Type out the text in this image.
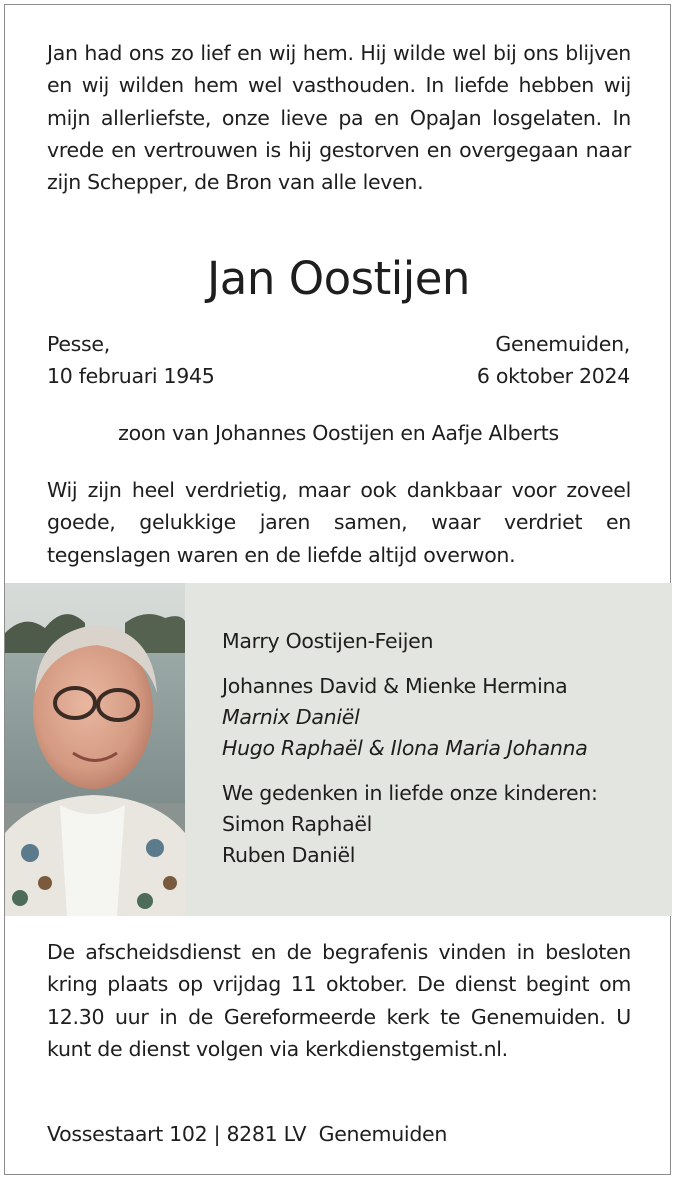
Jan had ons zo lief en wij hem. Hij wilde wel bij ons blijven en wij wilden hem wel vasthouden. In liefde hebben wij mijn allerliefste, onze lieve pa en OpaJan losgelaten. In vrede en vertrouwen is hij gestorven en overgegaan naar zijn Schepper, de Bron van alle leven.

Jan Oostijen
Pesse,
10 februari 1945
Genemuiden,
6 oktober 2024
zoon van Johannes Oostijen en Aafje Alberts

Wij zijn heel verdrietig, maar ook dankbaar voor zoveel goede, gelukkige jaren samen, waar verdriet en tegenslagen waren en de liefde altijd overwon.

Marry Oostijen-Feijen
Johannes David & Mienke Hermina
Marnix Daniël
Hugo Raphaël & Ilona Maria Johanna
We gedenken in liefde onze kinderen:
Simon Raphaël
Ruben Daniël

De afscheidsdienst en de begrafenis vinden in besloten kring plaats op vrijdag 11 oktober. De dienst begint om 12.30 uur in de Gereformeerde kerk te Genemuiden. U kunt de dienst volgen via kerkdienstgemist.nl.

Vossestaart 102 | 8281 LV  Genemuiden
